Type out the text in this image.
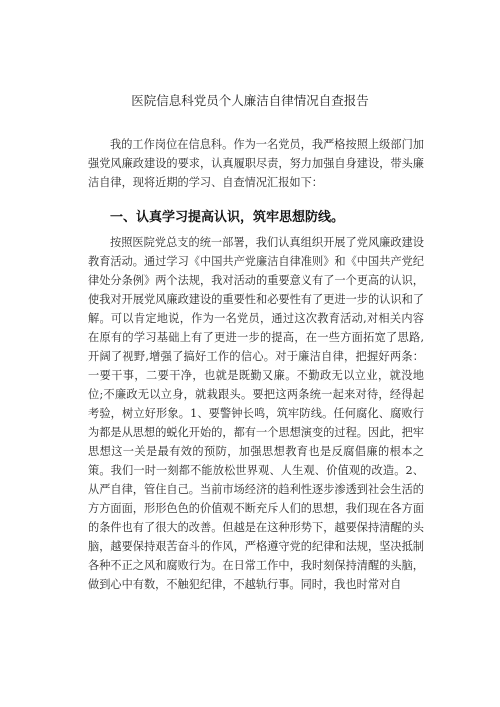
医院信息科党员个人廉洁自律情况自查报告

我的工作岗位在信息科。作为一名党员，我严格按照上级部门加强党风廉政建设的要求，认真履职尽责，努力加强自身建设，带头廉洁自律，现将近期的学习、自查情况汇报如下：

一、认真学习提高认识，筑牢思想防线。

按照医院党总支的统一部署，我们认真组织开展了党风廉政建设教育活动。通过学习《中国共产党廉洁自律准则》和《中国共产党纪律处分条例》两个法规，我对活动的重要意义有了一个更高的认识，使我对开展党风廉政建设的重要性和必要性有了更进一步的认识和了解。可以肯定地说，作为一名党员，通过这次教育活动,对相关内容在原有的学习基础上有了更进一步的提高，在一些方面拓宽了思路,开阔了视野,增强了搞好工作的信心。对于廉洁自律，把握好两条：一要干事，二要干净，也就是既勤又廉。不勤政无以立业，就没地位;不廉政无以立身，就栽跟头。要把这两条统一起来对待，经得起考验，树立好形象。1、要警钟长鸣，筑牢防线。任何腐化、腐败行为都是从思想的蜕化开始的，都有一个思想演变的过程。因此，把牢思想这一关是最有效的预防，加强思想教育也是反腐倡廉的根本之策。我们一时一刻都不能放松世界观、人生观、价值观的改造。2、从严自律，管住自己。当前市场经济的趋利性逐步渗透到社会生活的方方面面，形形色色的价值观不断充斥人们的思想，我们现在各方面的条件也有了很大的改善。但越是在这种形势下，越要保持清醒的头脑，越要保持艰苦奋斗的作风，严格遵守党的纪律和法规，坚决抵制各种不正之风和腐败行为。在日常工作中，我时刻保持清醒的头脑，做到心中有数，不触犯纪律，不越轨行事。同时，我也时常对自
